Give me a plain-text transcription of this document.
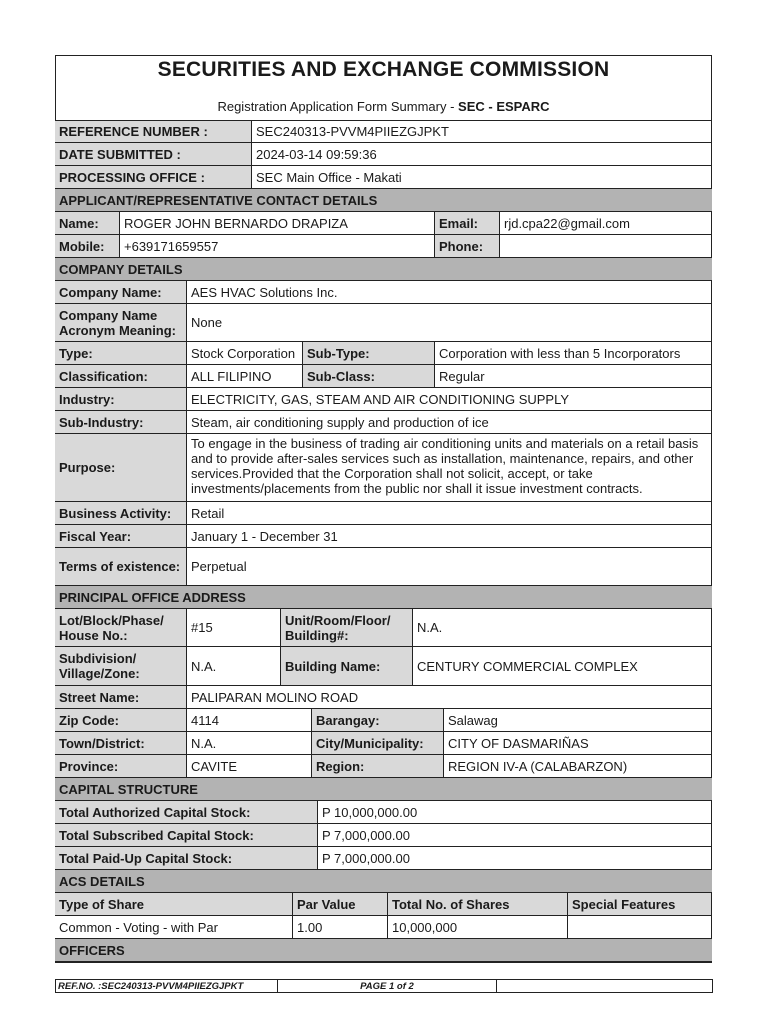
SECURITIES AND EXCHANGE COMMISSION
Registration Application Form Summary - SEC - ESPARC
REFERENCE NUMBER :	SEC240313-PVVM4PIIEZGJPKT
DATE SUBMITTED :	2024-03-14 09:59:36
PROCESSING OFFICE :	SEC Main Office - Makati
APPLICANT/REPRESENTATIVE CONTACT DETAILS
Name:	ROGER JOHN BERNARDO DRAPIZA	Email:	rjd.cpa22@gmail.com
Mobile:	+639171659557	Phone:
COMPANY DETAILS
Company Name:	AES HVAC Solutions Inc.
Company Name Acronym Meaning:	None
Type:	Stock Corporation Sub-Type:	Corporation with less than 5 Incorporators
Classification:	ALL FILIPINO	Sub-Class:	Regular
Industry:	ELECTRICITY, GAS, STEAM AND AIR CONDITIONING SUPPLY
Sub-Industry:	Steam, air conditioning supply and production of ice
Purpose:
To engage in the business of trading air conditioning units and materials on a retail basis and to provide after-sales services such as installation, maintenance, repairs, and other services.Provided that the Corporation shall not solicit, accept, or take investments/placements from the public nor shall it issue investment contracts.
Business Activity:	Retail
Fiscal Year:	January 1 - December 31
Terms of existence: Perpetual
PRINCIPAL OFFICE ADDRESS
Lot/Block/Phase/ House No.:	#15	Unit/Room/Floor/ Building#:	N.A.
Subdivision/ Village/Zone:	N.A.	Building Name:	CENTURY COMMERCIAL COMPLEX
Street Name:	PALIPARAN MOLINO ROAD
Zip Code:	4114	Barangay:	Salawag
Town/District:	N.A.	City/Municipality:	CITY OF DASMARIÑAS
Province:	CAVITE	Region:	REGION IV-A (CALABARZON)
CAPITAL STRUCTURE
Total Authorized Capital Stock:	P 10,000,000.00
Total Subscribed Capital Stock:	P 7,000,000.00
Total Paid-Up Capital Stock:	P 7,000,000.00
ACS DETAILS
Type of Share	Par Value	Total No. of Shares	Special Features
Common - Voting - with Par	1.00	10,000,000
OFFICERS
REF.NO. :SEC240313-PVVM4PIIEZGJPKT	PAGE 1 of 2
